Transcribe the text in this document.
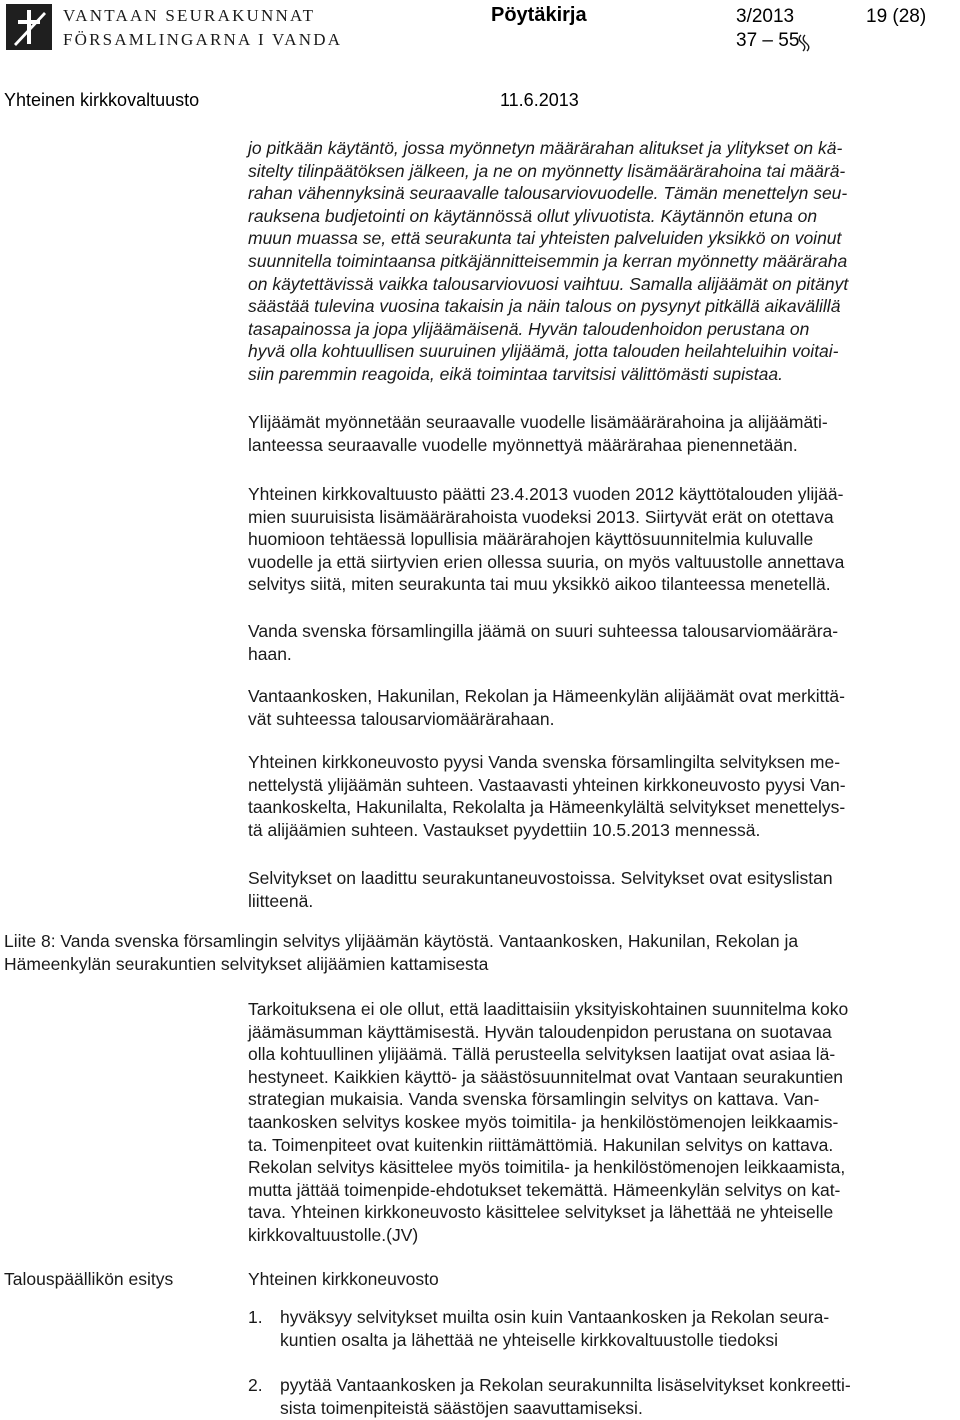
VANTAAN SEURAKUNNAT
FÖRSAMLINGARNA I VANDA
Pöytäkirja	3/2013	19 (28)
37 – 55
Yhteinen kirkkovaltuusto	11.6.2013
jo pitkään käytäntö, jossa myönnetyn määrärahan alitukset ja ylitykset on kä-
sitelty tilinpäätöksen jälkeen, ja ne on myönnetty lisämäärärahoina tai määrä-
rahan vähennyksinä seuraavalle talousarviovuodelle. Tämän menettelyn seu-
rauksena budjetointi on käytännössä ollut ylivuotista. Käytännön etuna on
muun muassa se, että seurakunta tai yhteisten palveluiden yksikkö on voinut
suunnitella toimintaansa pitkäjännitteisemmin ja kerran myönnetty määräraha
on käytettävissä vaikka talousarviovuosi vaihtuu. Samalla alijäämät on pitänyt
säästää tulevina vuosina takaisin ja näin talous on pysynyt pitkällä aikavälillä
tasapainossa ja jopa ylijäämäisenä. Hyvän taloudenhoidon perustana on
hyvä olla kohtuullisen suuruinen ylijäämä, jotta talouden heilahteluihin voitai-
siin paremmin reagoida, eikä toimintaa tarvitsisi välittömästi supistaa.
Ylijäämät myönnetään seuraavalle vuodelle lisämäärärahoina ja alijäämäti-
lanteessa seuraavalle vuodelle myönnettyä määrärahaa pienennetään.
Yhteinen kirkkovaltuusto päätti 23.4.2013 vuoden 2012 käyttötalouden ylijää-
mien suuruisista lisämäärärahoista vuodeksi 2013. Siirtyvät erät on otettava
huomioon tehtäessä lopullisia määrärahojen käyttösuunnitelmia kuluvalle
vuodelle ja että siirtyvien erien ollessa suuria, on myös valtuustolle annettava
selvitys siitä, miten seurakunta tai muu yksikkö aikoo tilanteessa menetellä.
Vanda svenska församlingilla jäämä on suuri suhteessa talousarviomäärära-
haan.
Vantaankosken, Hakunilan, Rekolan ja Hämeenkylän alijäämät ovat merkittä-
vät suhteessa talousarviomäärärahaan.
Yhteinen kirkkoneuvosto pyysi Vanda svenska församlingilta selvityksen me-
nettelystä ylijäämän suhteen. Vastaavasti yhteinen kirkkoneuvosto pyysi Van-
taankoskelta, Hakunilalta, Rekolalta ja Hämeenkylältä selvitykset menettelys-
tä alijäämien suhteen. Vastaukset pyydettiin 10.5.2013 mennessä.
Selvitykset on laadittu seurakuntaneuvostoissa. Selvitykset ovat esityslistan
liitteenä.
Liite 8: Vanda svenska församlingin selvitys ylijäämän käytöstä. Vantaankosken, Hakunilan, Rekolan ja
Hämeenkylän seurakuntien selvitykset alijäämien kattamisesta
Tarkoituksena ei ole ollut, että laadittaisiin yksityiskohtainen suunnitelma koko
jäämäsumman käyttämisestä. Hyvän taloudenpidon perustana on suotavaa
olla kohtuullinen ylijäämä. Tällä perusteella selvityksen laatijat ovat asiaa lä-
hestyneet. Kaikkien käyttö- ja säästösuunnitelmat ovat Vantaan seurakuntien
strategian mukaisia. Vanda svenska församlingin selvitys on kattava. Van-
taankosken selvitys koskee myös toimitila- ja henkilöstömenojen leikkaamis-
ta. Toimenpiteet ovat kuitenkin riittämättömiä. Hakunilan selvitys on kattava.
Rekolan selvitys käsittelee myös toimitila- ja henkilöstömenojen leikkaamista,
mutta jättää toimenpide-ehdotukset tekemättä. Hämeenkylän selvitys on kat-
tava. Yhteinen kirkkoneuvosto käsittelee selvitykset ja lähettää ne yhteiselle
kirkkovaltuustolle.(JV)
Talouspäällikön esitys	Yhteinen kirkkoneuvosto
1. hyväksyy selvitykset muilta osin kuin Vantaankosken ja Rekolan seura-
kuntien osalta ja lähettää ne yhteiselle kirkkovaltuustolle tiedoksi
2. pyytää Vantaankosken ja Rekolan seurakunnilta lisäselvitykset konkreetti-
sista toimenpiteistä säästöjen saavuttamiseksi.
